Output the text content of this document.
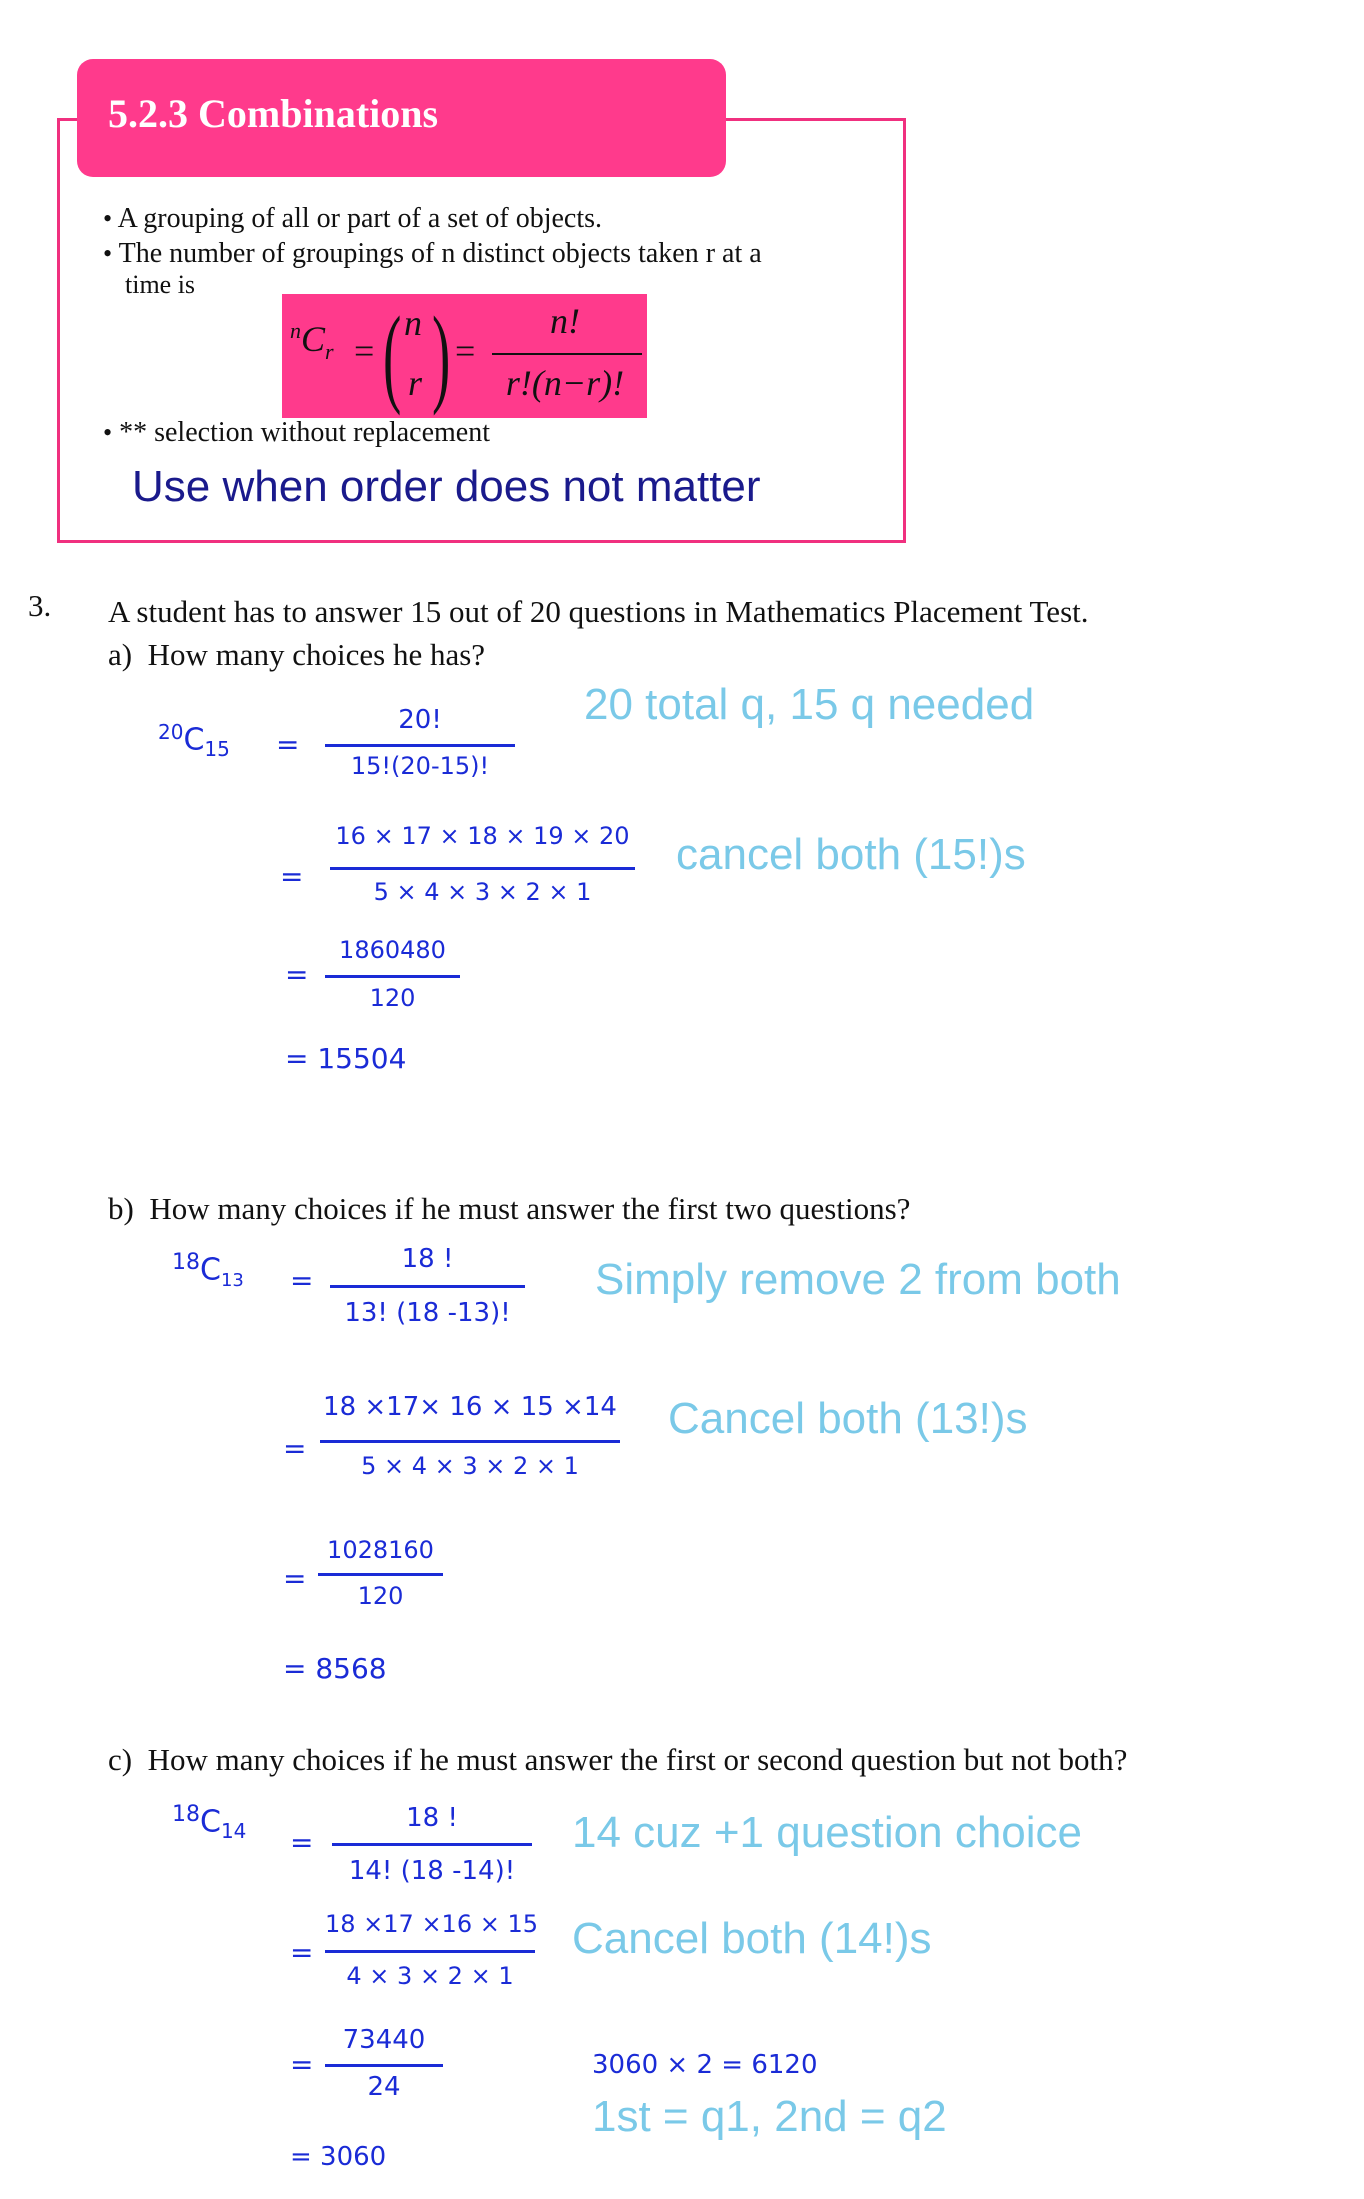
5.2.3 Combinations
• A grouping of all or part of a set of objects.
• The number of groupings of n distinct objects taken r at a
time is
$^nC_r$ = ( n
r ) =
n!
r!(n−r)!
• ** selection without replacement
Use when order does not matter
3. A student has to answer 15 out of 20 questions in Mathematics Placement Test.
a) How many choices he has?
$^{20}C_{15}$ =
20!
15!(20-15)!
20 total q, 15 q needed
=
16 × 17 × 18 × 19 × 20
5 × 4 × 3 × 2 × 1
cancel both (15!)s
=
1860480
120
= 15504
b) How many choices if he must answer the first two questions?
$^{18}C_{13}$ =
18 !
13! (18 -13)!
Simply remove 2 from both
=
18 ×17× 16 × 15 ×14
5 × 4 × 3 × 2 × 1
Cancel both (13!)s
=
1028160
120
= 8568
c) How many choices if he must answer the first or second question but not both?
$^{18}C_{14}$ =
18 !
14! (18 -14)!
14 cuz +1 question choice
=
18 ×17 ×16 × 15
4 × 3 × 2 × 1
Cancel both (14!)s
=
73440
24
= 3060
3060 × 2 = 6120
1st = q1, 2nd = q2
